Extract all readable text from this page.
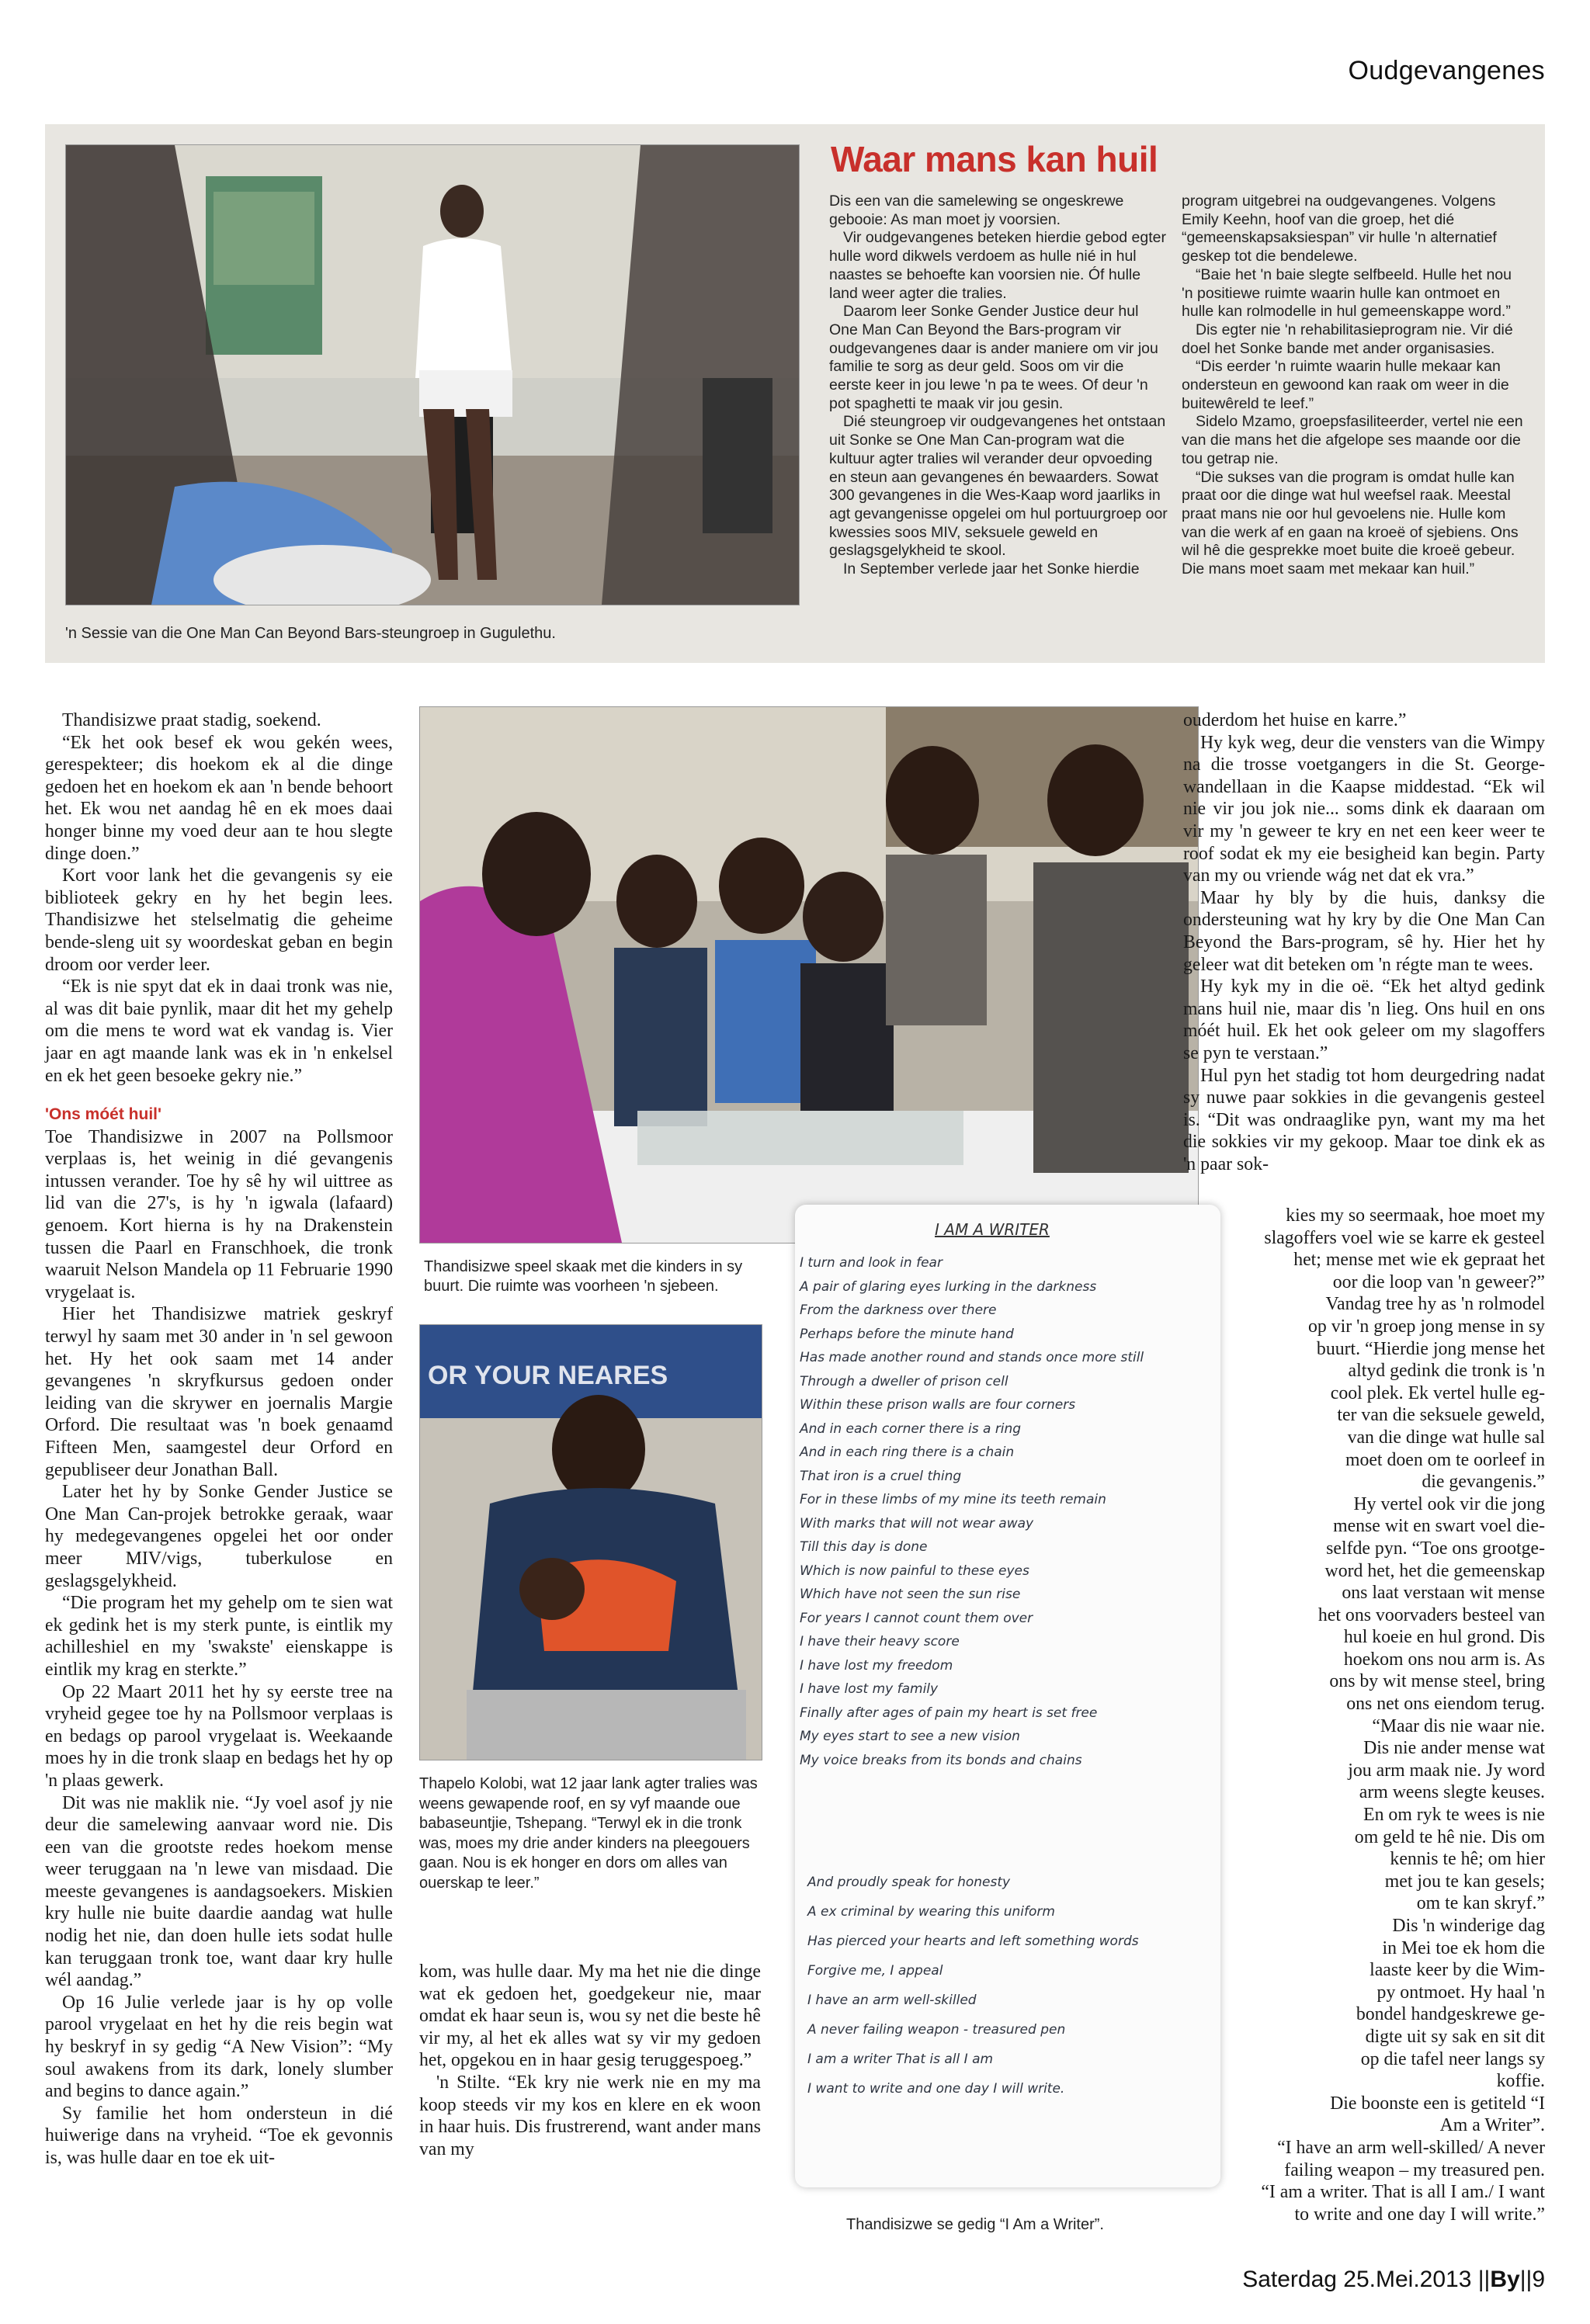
Oudgevangenes
'n Sessie van die One Man Can Beyond Bars-steungroep in Gugulethu.
Waar mans kan huil

Dis een van die samelewing se ongeskrewe gebooie: As man moet jy voorsien.

Vir oudgevangenes beteken hierdie gebod egter hulle word dikwels verdoem as hulle nié in hul naastes se behoefte kan voorsien nie. Óf hulle land weer agter die tralies.

Daarom leer Sonke Gender Justice deur hul One Man Can Beyond the Bars-program vir oudgevangenes daar is ander maniere om vir jou familie te sorg as deur geld. Soos om vir die eerste keer in jou lewe 'n pa te wees. Of deur 'n pot spaghetti te maak vir jou gesin.

Dié steungroep vir oudgevangenes het ontstaan uit Sonke se One Man Can-program wat die kultuur agter tralies wil verander deur opvoeding en steun aan gevangenes én bewaarders. Sowat 300 gevangenes in die Wes-Kaap word jaarliks in agt gevangenisse opgelei om hul portuurgroep oor kwessies soos MIV, seksuele geweld en geslagsgelykheid te skool.

In September verlede jaar het Sonke hierdie

program uitgebrei na oudgevangenes. Volgens Emily Keehn, hoof van die groep, het dié “gemeenskapsaksiespan” vir hulle 'n alternatief geskep tot die bendelewe.

“Baie het 'n baie slegte selfbeeld. Hulle het nou 'n positiewe ruimte waarin hulle kan ontmoet en hulle kan rolmodelle in hul gemeenskappe word.”

Dis egter nie 'n rehabilitasieprogram nie. Vir dié doel het Sonke bande met ander organisasies.

“Dis eerder 'n ruimte waarin hulle mekaar kan ondersteun en gewoond kan raak om weer in die buitewêreld te leef.”

Sidelo Mzamo, groepsfasiliteerder, vertel nie een van die mans het die afgelope ses maande oor die tou getrap nie.

“Die sukses van die program is omdat hulle kan praat oor die dinge wat hul weefsel raak. Meestal praat mans nie oor hul gevoelens nie. Hulle kom van die werk af en gaan na kroeë of sjebiens. Ons wil hê die gesprekke moet buite die kroeë gebeur. Die mans moet saam met mekaar kan huil.”

Thandisizwe praat stadig, soekend.

“Ek het ook besef ek wou gekén wees, gerespekteer; dis hoekom ek al die dinge gedoen het en hoekom ek aan 'n bende behoort het. Ek wou net aandag hê en ek moes daai honger binne my voed deur aan te hou slegte dinge doen.”

Kort voor lank het die gevangenis sy eie biblioteek gekry en hy het begin lees. Thandisizwe het stelselmatig die geheime bende-sleng uit sy woordeskat geban en begin droom oor verder leer.

“Ek is nie spyt dat ek in daai tronk was nie, al was dit baie pynlik, maar dit het my gehelp om die mens te word wat ek vandag is. Vier jaar en agt maande lank was ek in 'n enkelsel en ek het geen besoeke gekry nie.”

'Ons móét huil'

Toe Thandisizwe in 2007 na Pollsmoor verplaas is, het weinig in dié gevangenis intussen verander. Toe hy sê hy wil uittree as lid van die 27's, is hy 'n igwala (lafaard) genoem. Kort hierna is hy na Drakenstein tussen die Paarl en Franschhoek, die tronk waaruit Nelson Mandela op 11 Februarie 1990 vrygelaat is.

Hier het Thandisizwe matriek geskryf terwyl hy saam met 30 ander in 'n sel gewoon het. Hy het ook saam met 14 ander gevangenes 'n skryfkursus gedoen onder leiding van die skrywer en joernalis Margie Orford. Die resultaat was 'n boek genaamd Fifteen Men, saamgestel deur Orford en gepubliseer deur Jonathan Ball.

Later het hy by Sonke Gender Justice se One Man Can-projek betrokke geraak, waar hy medegevangenes opgelei het oor onder meer MIV/vigs, tuberkulose en geslagsgelykheid.

“Die program het my gehelp om te sien wat ek gedink het is my sterk punte, is eintlik my achilleshiel en my 'swakste' eienskappe is eintlik my krag en sterkte.”

Op 22 Maart 2011 het hy sy eerste tree na vryheid gegee toe hy na Pollsmoor verplaas is en bedags op parool vrygelaat is. Weekaande moes hy in die tronk slaap en bedags het hy op 'n plaas gewerk.

Dit was nie maklik nie. “Jy voel asof jy nie deur die samelewing aanvaar word nie. Dis een van die grootste redes hoekom mense weer teruggaan na 'n lewe van misdaad. Die meeste gevangenes is aandagsoekers. Miskien kry hulle nie buite daardie aandag wat hulle nodig het nie, dan doen hulle iets sodat hulle kan teruggaan tronk toe, want daar kry hulle wél aandag.”

Op 16 Julie verlede jaar is hy op volle parool vrygelaat en het hy die reis begin wat hy beskryf in sy gedig “A New Vision”: “My soul awakens from its dark, lonely slumber and begins to dance again.”

Sy familie het hom ondersteun in dié huiwerige dans na vryheid. “Toe ek gevonnis is, was hulle daar en toe ek uit-

Thandisizwe speel skaak met die kinders in sy buurt. Die ruimte was voorheen 'n sjebeen.
OR YOUR NEARES
Thapelo Kolobi, wat 12 jaar lank agter tralies was weens gewapende roof, en sy vyf maande oue babaseuntjie, Tshepang. “Terwyl ek in die tronk was, moes my drie ander kinders na pleegouers gaan. Nou is ek honger en dors om alles van ouerskap te leer.”

kom, was hulle daar. My ma het nie die dinge wat ek gedoen het, goedgekeur nie, maar omdat ek haar seun is, wou sy net die beste hê vir my, al het ek alles wat sy vir my gedoen het, opgekou en in haar gesig teruggespoeg.”

'n Stilte. “Ek kry nie werk nie en my ma koop steeds vir my kos en klere en ek woon in haar huis. Dis frustrerend, want ander mans van my

I AM A WRITER
I turn and look in fear
A pair of glaring eyes lurking in the darkness
From the darkness over there
Perhaps before the minute hand
Has made another round and stands once more still
Through a dweller of prison cell
Within these prison walls are four corners
And in each corner there is a ring
And in each ring there is a chain
That iron is a cruel thing
For in these limbs of my mine its teeth remain
With marks that will not wear away
Till this day is done
Which is now painful to these eyes
Which have not seen the sun rise
For years I cannot count them over
I have their heavy score
I have lost my freedom
I have lost my family
Finally after ages of pain my heart is set free
My eyes start to see a new vision
My voice breaks from its bonds and chains
And proudly speak for honesty
A ex criminal by wearing this uniform
Has pierced your hearts and left something words
Forgive me, I appeal
I have an arm well-skilled
A never failing weapon - treasured pen
I am a writer That is all I am
I want to write and one day I will write.
Thandisizwe se gedig “I Am a Writer”.

ouderdom het huise en karre.”

Hy kyk weg, deur die vensters van die Wimpy na die trosse voetgangers in die St. George-wandellaan in die Kaapse middestad. “Ek wil nie vir jou jok nie... soms dink ek daaraan om vir my 'n geweer te kry en net een keer weer te roof sodat ek my eie besigheid kan begin. Party van my ou vriende wág net dat ek vra.”

Maar hy bly by die huis, danksy die ondersteuning wat hy kry by die One Man Can Beyond the Bars-program, sê hy. Hier het hy geleer wat dit beteken om 'n régte man te wees.

Hy kyk my in die oë. “Ek het altyd gedink mans huil nie, maar dis 'n lieg. Ons huil en ons móét huil. Ek het ook geleer om my slagoffers se pyn te verstaan.”

Hul pyn het stadig tot hom deurgedring nadat sy nuwe paar sokkies in die gevangenis gesteel is. “Dit was ondraaglike pyn, want my ma het die sokkies vir my gekoop. Maar toe dink ek as 'n paar sok-

kies my so seermaak, hoe moet my
slagoffers voel wie se karre ek gesteel
het; mense met wie ek gepraat het
oor die loop van 'n geweer?”
Vandag tree hy as 'n rolmodel
op vir 'n groep jong mense in sy
buurt. “Hierdie jong mense het
altyd gedink die tronk is 'n
cool plek. Ek vertel hulle eg-
ter van die seksuele geweld,
van die dinge wat hulle sal
moet doen om te oorleef in
die gevangenis.”
Hy vertel ook vir die jong
mense wit en swart voel die-
selfde pyn. “Toe ons grootge-
word het, het die gemeenskap
ons laat verstaan wit mense
het ons voorvaders besteel van
hul koeie en hul grond. Dis
hoekom ons nou arm is. As
ons by wit mense steel, bring
ons net ons eiendom terug.
“Maar dis nie waar nie.
Dis nie ander mense wat
jou arm maak nie. Jy word
arm weens slegte keuses.
En om ryk te wees is nie
om geld te hê nie. Dis om
kennis te hê; om hier
met jou te kan gesels;
om te kan skryf.”
Dis 'n winderige dag
in Mei toe ek hom die
laaste keer by die Wim-
py ontmoet. Hy haal 'n
bondel handgeskrewe ge-
digte uit sy sak en sit dit
op die tafel neer langs sy
koffie.
Die boonste een is getiteld “I
Am a Writer”.
“I have an arm well-skilled/ A never
failing weapon – my treasured pen.
“I am a writer. That is all I am./ I want
to write and one day I will write.”
Saterdag 25.Mei.2013 ||By||9
